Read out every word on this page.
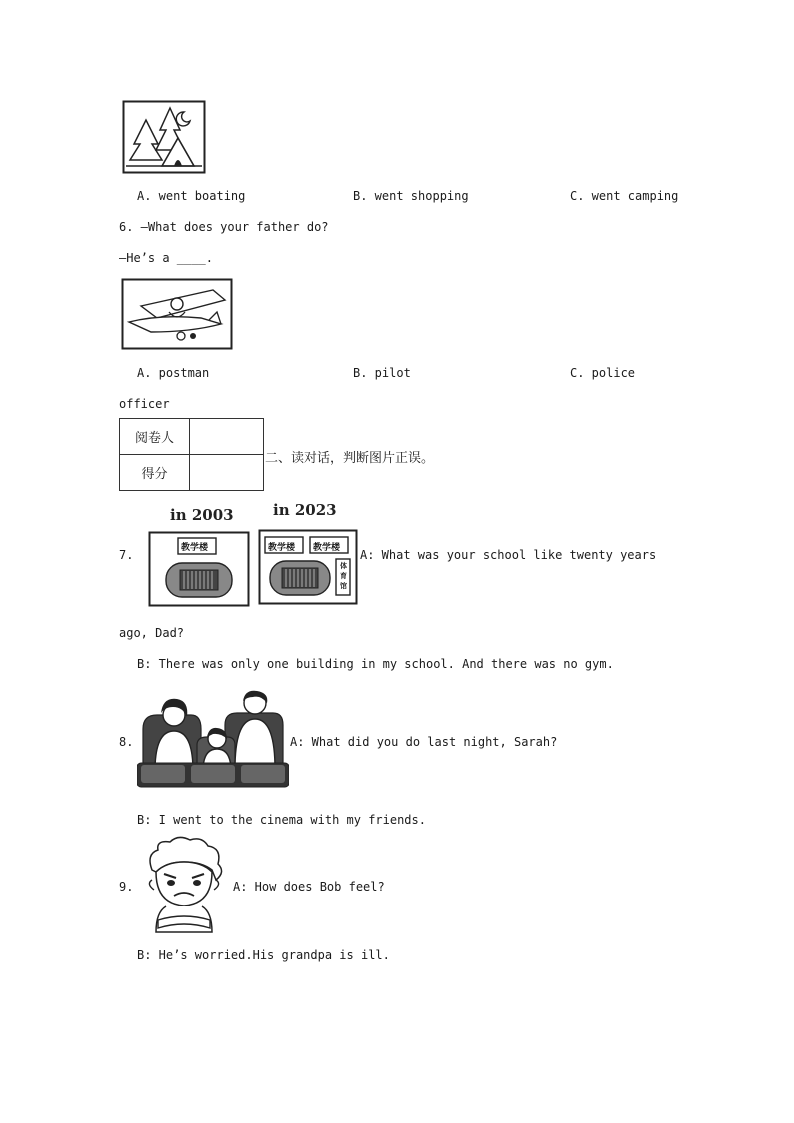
A. went boating	B. went shopping	C. went camping
6. —What does your father do?
—He’s a ____.
A. postman	B. pilot	C. police
officer
阅卷人	
得分	
二、读对话，判断图片正误。
7.
in 2003	in 2023
教学楼	教学楼 教学楼
体育馆
A: What was your school like twenty years
ago, Dad?
B: There was only one building in my school. And there was no gym.
8.	A: What did you do last night, Sarah?
B: I went to the cinema with my friends.
9.	A: How does Bob feel?
B: He’s worried.His grandpa is ill.
